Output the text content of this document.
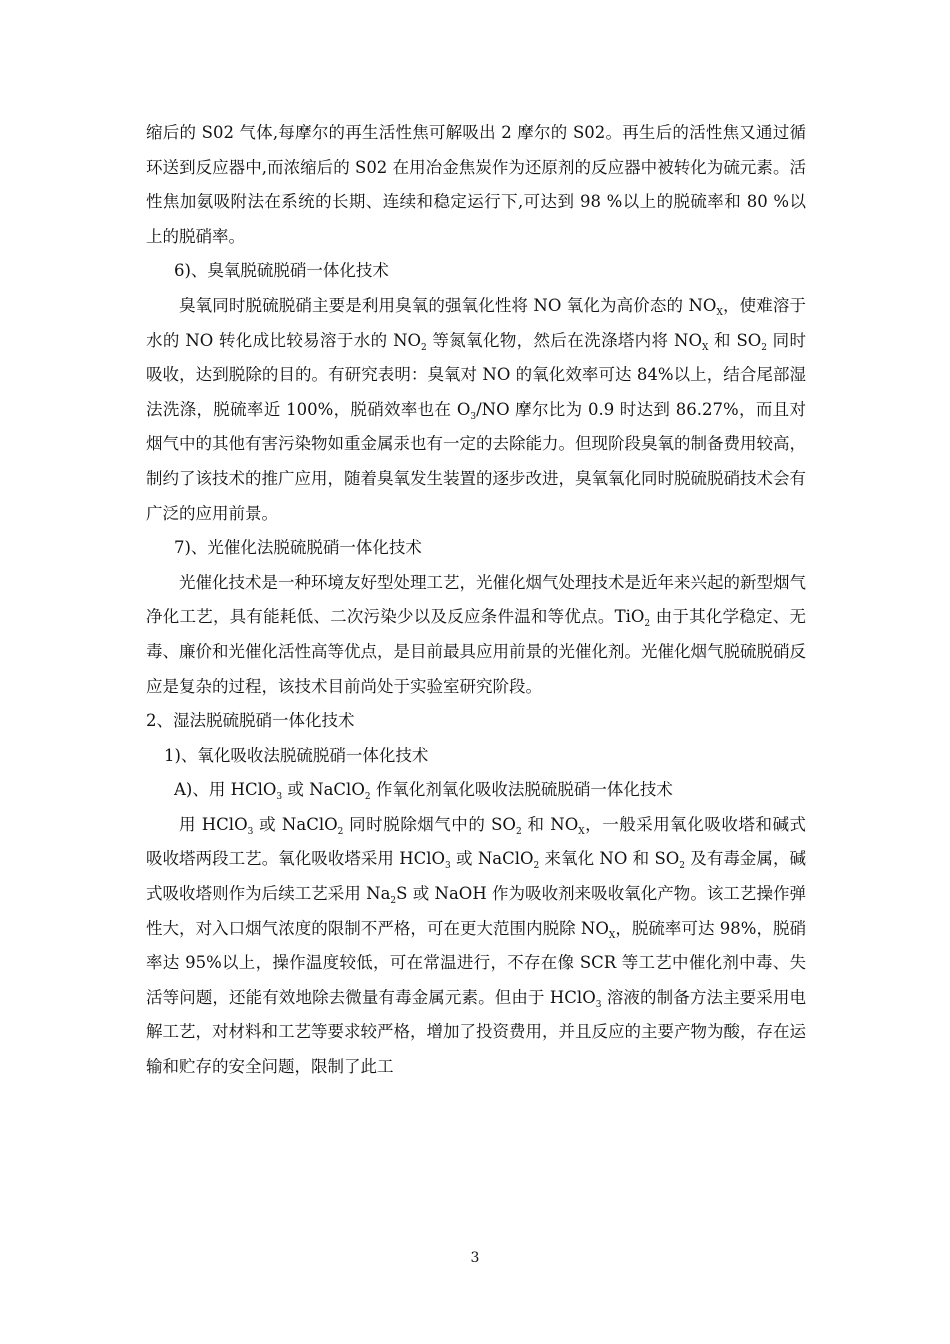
缩后的 S02 气体,每摩尔的再生活性焦可解吸出 2 摩尔的 S02。再生后的活性焦又通过循环送到反应器中,而浓缩后的 S02 在用冶金焦炭作为还原剂的反应器中被转化为硫元素。活性焦加氨吸附法在系统的长期、连续和稳定运行下,可达到 98 %以上的脱硫率和 80 %以上的脱硝率。

6)、臭氧脱硫脱硝一体化技术

臭氧同时脱硫脱硝主要是利用臭氧的强氧化性将 NO 氧化为高价态的 $NO_X$，使难溶于水的 NO 转化成比较易溶于水的 $NO_2$ 等氮氧化物，然后在洗涤塔内将 $NO_X$ 和 $SO_2$ 同时吸收，达到脱除的目的。有研究表明：臭氧对 NO 的氧化效率可达 84%以上，结合尾部湿法洗涤，脱硫率近 100%，脱硝效率也在 $O_3/NO$ 摩尔比为 0.9 时达到 86.27%，而且对烟气中的其他有害污染物如重金属汞也有一定的去除能力。但现阶段臭氧的制备费用较高，制约了该技术的推广应用，随着臭氧发生装置的逐步改进，臭氧氧化同时脱硫脱硝技术会有广泛的应用前景。

7)、光催化法脱硫脱硝一体化技术

光催化技术是一种环境友好型处理工艺，光催化烟气处理技术是近年来兴起的新型烟气净化工艺，具有能耗低、二次污染少以及反应条件温和等优点。TiO$_2$ 由于其化学稳定、无毒、廉价和光催化活性高等优点，是目前最具应用前景的光催化剂。光催化烟气脱硫脱硝反应是复杂的过程，该技术目前尚处于实验室研究阶段。

2、湿法脱硫脱硝一体化技术

1)、氧化吸收法脱硫脱硝一体化技术

A)、用 HClO$_3$ 或 NaClO$_2$ 作氧化剂氧化吸收法脱硫脱硝一体化技术

用 HClO$_3$ 或 NaClO$_2$ 同时脱除烟气中的 $SO_2$ 和 $NO_X$，一般采用氧化吸收塔和碱式吸收塔两段工艺。氧化吸收塔采用 HClO$_3$ 或 NaClO$_2$ 来氧化 NO 和 $SO_2$ 及有毒金属，碱式吸收塔则作为后续工艺采用 $Na_2S$ 或 NaOH 作为吸收剂来吸收氧化产物。该工艺操作弹性大，对入口烟气浓度的限制不严格，可在更大范围内脱除 $NO_X$，脱硫率可达 98%，脱硝率达 95%以上，操作温度较低，可在常温进行，不存在像 SCR 等工艺中催化剂中毒、失活等问题，还能有效地除去微量有毒金属元素。但由于 HClO$_3$ 溶液的制备方法主要采用电解工艺，对材料和工艺等要求较严格，增加了投资费用，并且反应的主要产物为酸，存在运输和贮存的安全问题，限制了此工

3
